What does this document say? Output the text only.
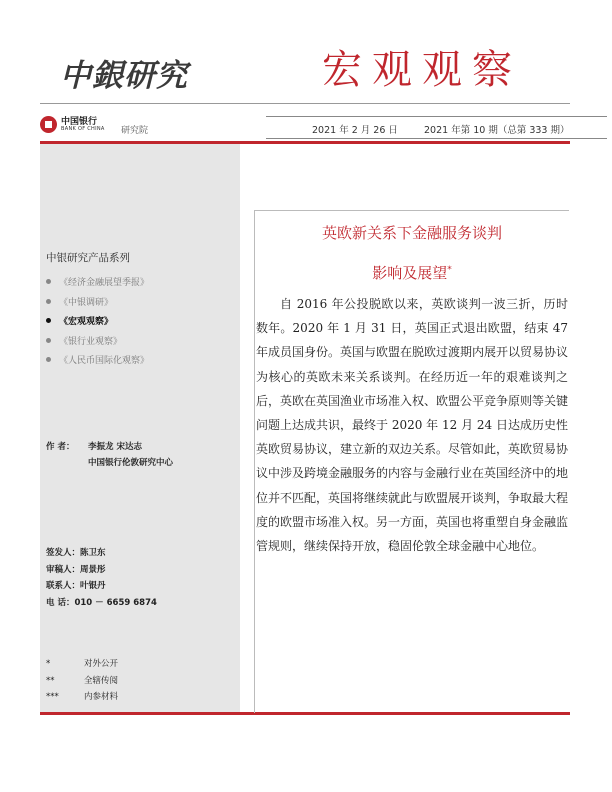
中銀研究	宏观观察
中国银行
BANK OF CHINA 研究院	2021 年 2 月 26 日	2021 年第 10 期（总第 333 期）
中银研究产品系列
《经济金融展望季报》
《中银调研》
《宏观观察》
《银行业观察》
《人民币国际化观察》
作 者： 李振龙 宋达志
中国银行伦敦研究中心
签发人：陈卫东
审稿人：周景彤
联系人：叶银丹
电 话：010 － 6659 6874
*	对外公开
**	全辖传阅
***	内参材料
英欧新关系下金融服务谈判
影响及展望*

自 2016 年公投脱欧以来，英欧谈判一波三折，历时数年。2020 年 1 月 31 日，英国正式退出欧盟，结束 47 年成员国身份。英国与欧盟在脱欧过渡期内展开以贸易协议为核心的英欧未来关系谈判。在经历近一年的艰难谈判之后，英欧在英国渔业市场准入权、欧盟公平竞争原则等关键问题上达成共识，最终于 2020 年 12 月 24 日达成历史性英欧贸易协议，建立新的双边关系。尽管如此，英欧贸易协议中涉及跨境金融服务的内容与金融行业在英国经济中的地位并不匹配，英国将继续就此与欧盟展开谈判，争取最大程度的欧盟市场准入权。另一方面，英国也将重塑自身金融监管规则，继续保持开放，稳固伦敦全球金融中心地位。
